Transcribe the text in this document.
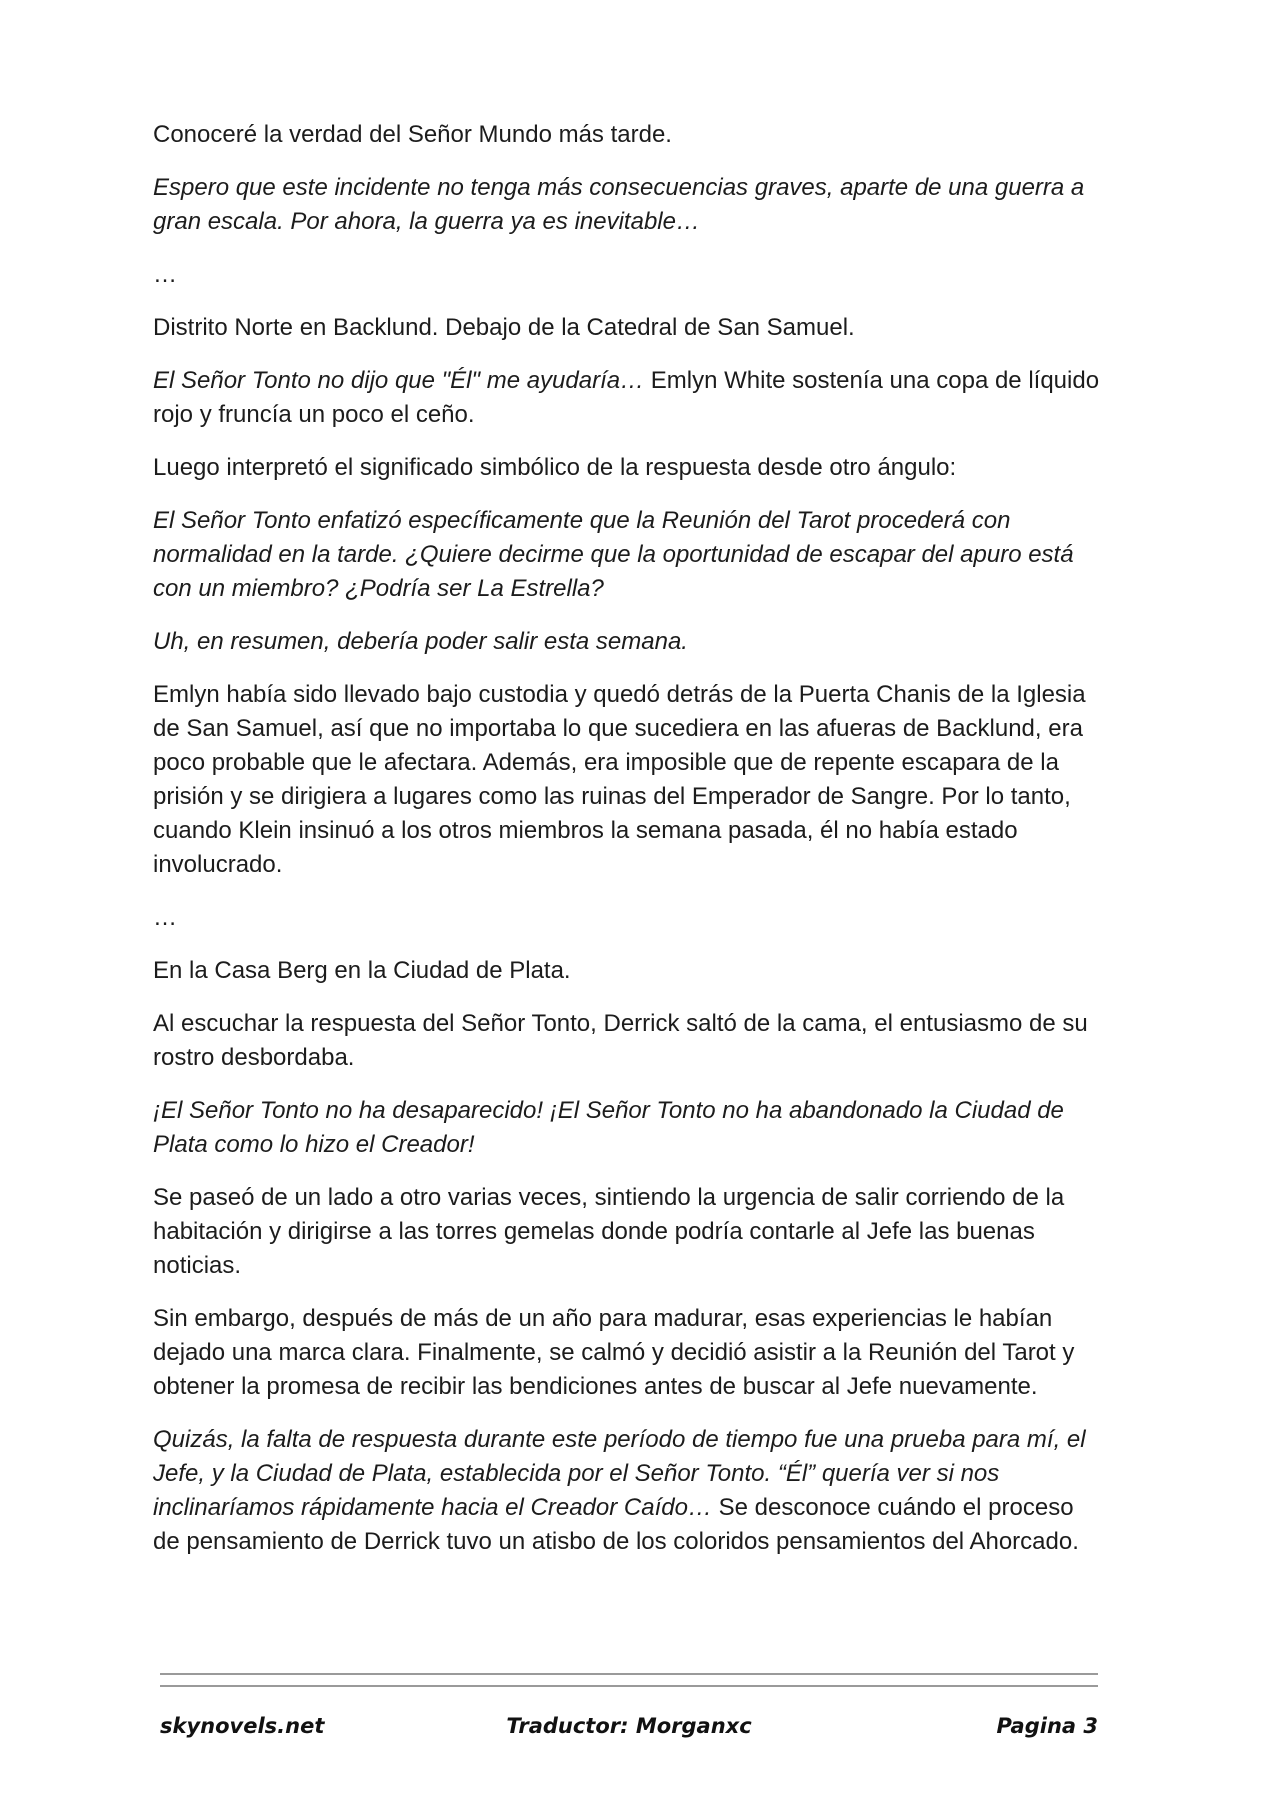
Conoceré la verdad del Señor Mundo más tarde.

Espero que este incidente no tenga más consecuencias graves, aparte de una guerra a gran escala. Por ahora, la guerra ya es inevitable…

…

Distrito Norte en Backlund. Debajo de la Catedral de San Samuel.

El Señor Tonto no dijo que "Él" me ayudaría… Emlyn White sostenía una copa de líquido rojo y fruncía un poco el ceño.

Luego interpretó el significado simbólico de la respuesta desde otro ángulo:

El Señor Tonto enfatizó específicamente que la Reunión del Tarot procederá con normalidad en la tarde. ¿Quiere decirme que la oportunidad de escapar del apuro está con un miembro? ¿Podría ser La Estrella?

Uh, en resumen, debería poder salir esta semana.

Emlyn había sido llevado bajo custodia y quedó detrás de la Puerta Chanis de la Iglesia de San Samuel, así que no importaba lo que sucediera en las afueras de Backlund, era poco probable que le afectara. Además, era imposible que de repente escapara de la prisión y se dirigiera a lugares como las ruinas del Emperador de Sangre. Por lo tanto, cuando Klein insinuó a los otros miembros la semana pasada, él no había estado involucrado.

…

En la Casa Berg en la Ciudad de Plata.

Al escuchar la respuesta del Señor Tonto, Derrick saltó de la cama, el entusiasmo de su rostro desbordaba.

¡El Señor Tonto no ha desaparecido! ¡El Señor Tonto no ha abandonado la Ciudad de Plata como lo hizo el Creador!

Se paseó de un lado a otro varias veces, sintiendo la urgencia de salir corriendo de la habitación y dirigirse a las torres gemelas donde podría contarle al Jefe las buenas noticias.

Sin embargo, después de más de un año para madurar, esas experiencias le habían dejado una marca clara. Finalmente, se calmó y decidió asistir a la Reunión del Tarot y obtener la promesa de recibir las bendiciones antes de buscar al Jefe nuevamente.

Quizás, la falta de respuesta durante este período de tiempo fue una prueba para mí, el Jefe, y la Ciudad de Plata, establecida por el Señor Tonto. “Él” quería ver si nos inclinaríamos rápidamente hacia el Creador Caído… Se desconoce cuándo el proceso de pensamiento de Derrick tuvo un atisbo de los coloridos pensamientos del Ahorcado.

skynovels.net	Traductor: Morganxc	Pagina 3
